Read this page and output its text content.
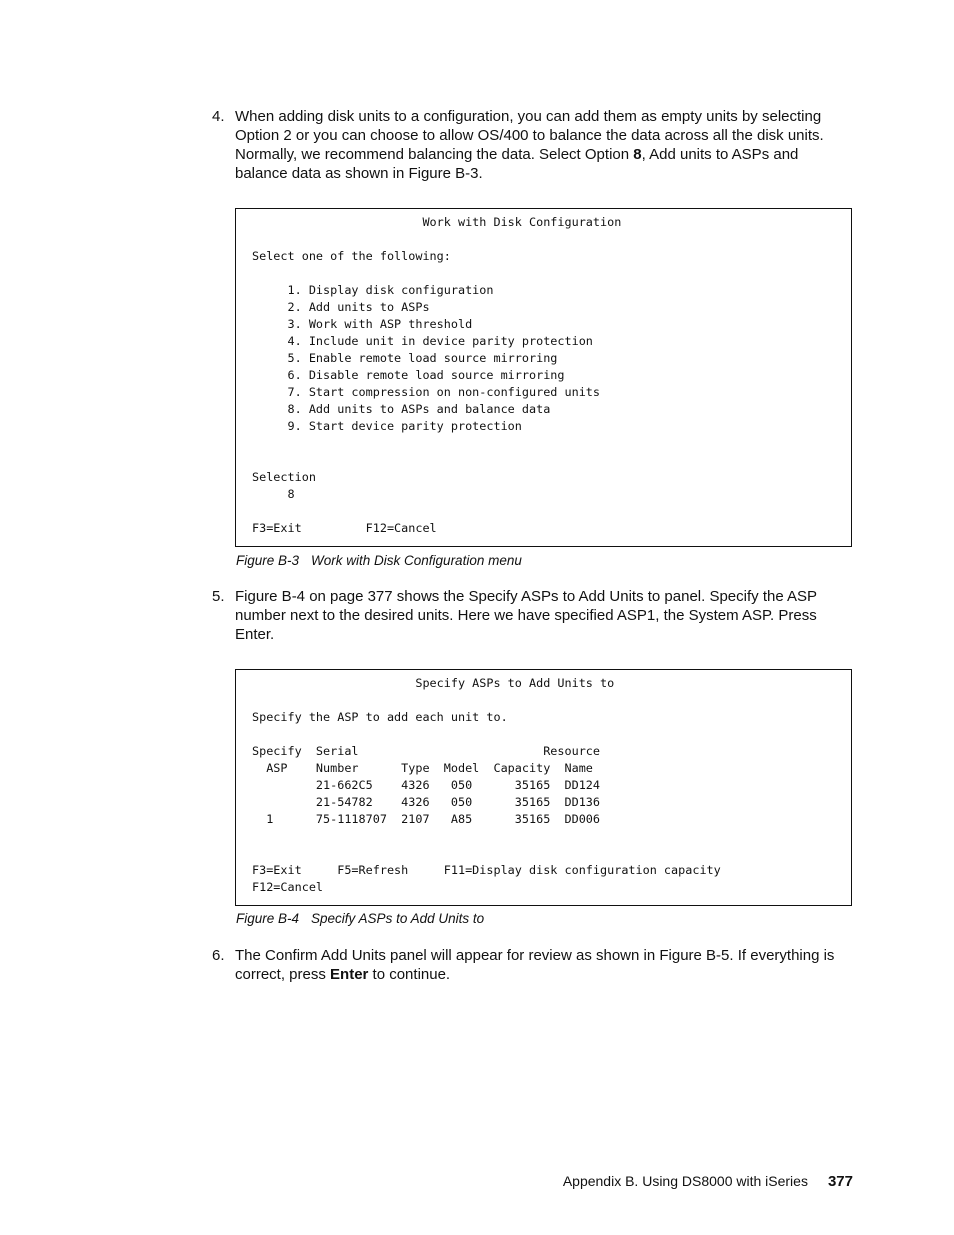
4. When adding disk units to a configuration, you can add them as empty units by selecting Option 2 or you can choose to allow OS/400 to balance the data across all the disk units. Normally, we recommend balancing the data. Select Option 8, Add units to ASPs and balance data as shown in Figure B-3.
Work with Disk Configuration
Select one of the following:
1. Display disk configuration
2. Add units to ASPs
3. Work with ASP threshold
4. Include unit in device parity protection
5. Enable remote load source mirroring
6. Disable remote load source mirroring
7. Start compression on non-configured units
8. Add units to ASPs and balance data
9. Start device parity protection
Selection
8
F3=Exit         F12=Cancel
Figure B-3 Work with Disk Configuration menu
5. Figure B-4 on page 377 shows the Specify ASPs to Add Units to panel. Specify the ASP number next to the desired units. Here we have specified ASP1, the System ASP. Press Enter.
Specify ASPs to Add Units to
Specify the ASP to add each unit to.
Specify  Serial                          Resource
ASP    Number      Type  Model  Capacity  Name
21-662C5    4326   050      35165  DD124
21-54782    4326   050      35165  DD136
1      75-1118707  2107   A85      35165  DD006
F3=Exit     F5=Refresh     F11=Display disk configuration capacity
F12=Cancel
Figure B-4 Specify ASPs to Add Units to
6. The Confirm Add Units panel will appear for review as shown in Figure B-5. If everything is correct, press Enter to continue.
Appendix B. Using DS8000 with iSeries 377
